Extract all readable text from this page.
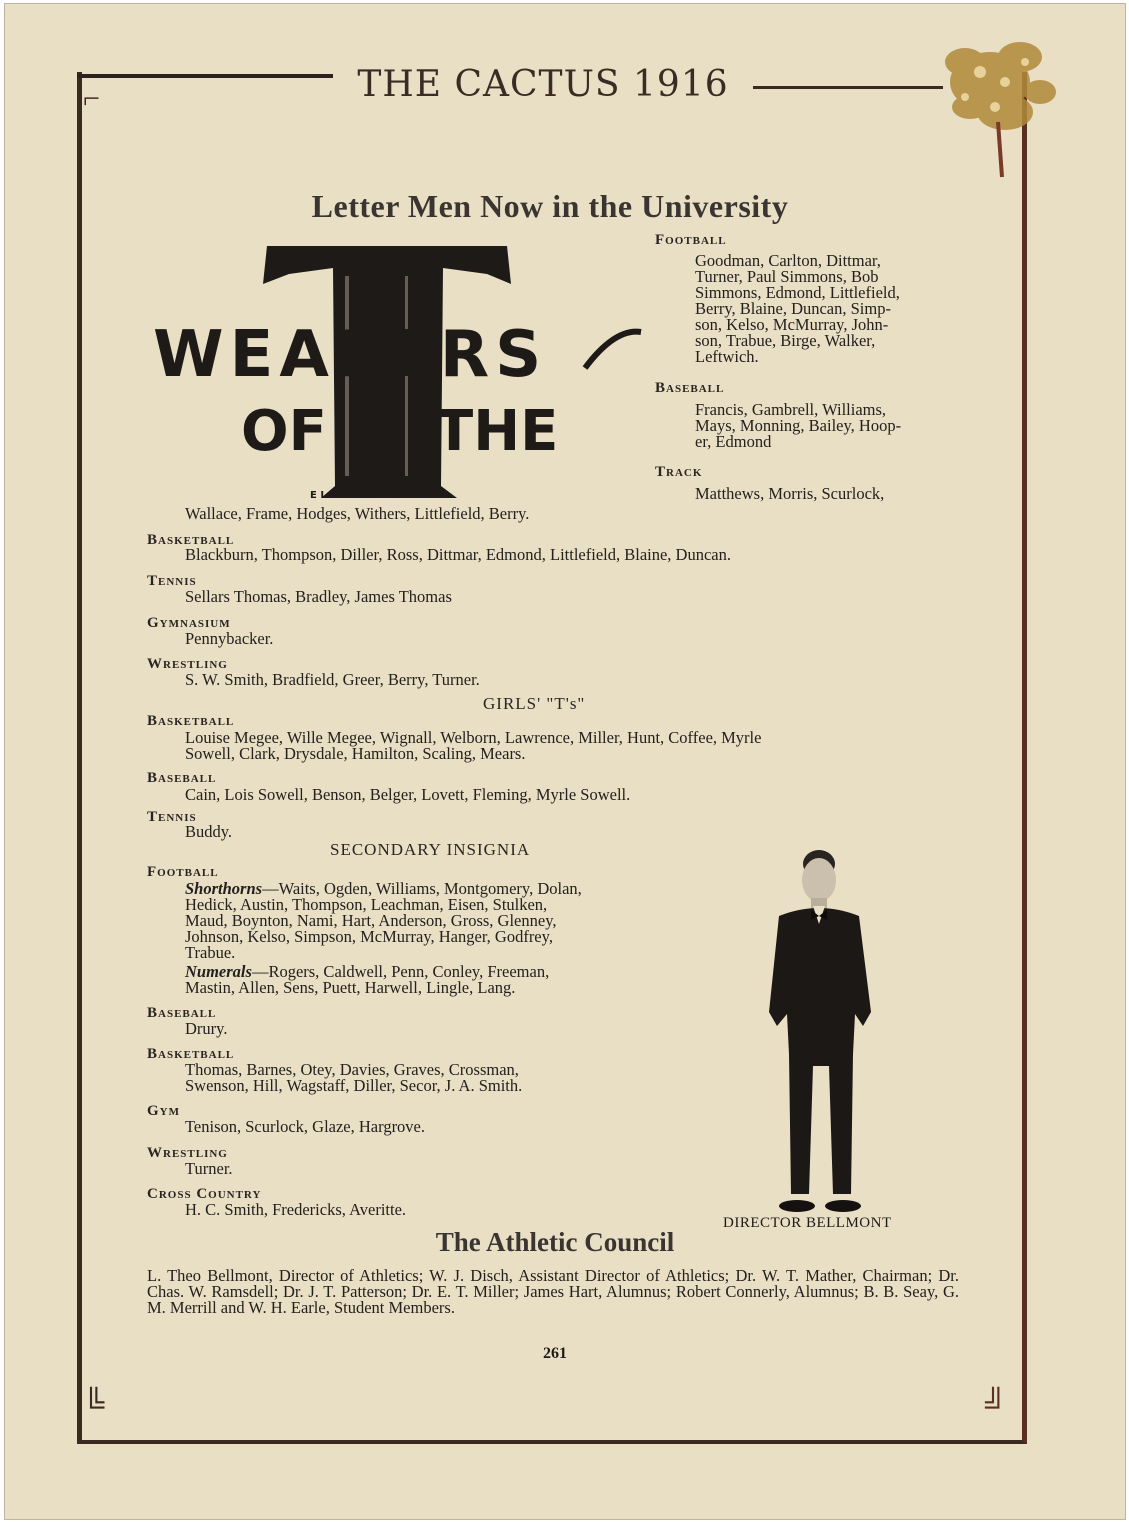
⌐
╚	╝
THE CACTUS 1916
Letter Men Now in the University
WEARERS
OF THE
E L F E N B E I N
Football
Goodman, Carlton, Dittmar,
Turner, Paul Simmons, Bob
Simmons, Edmond, Littlefield,
Berry, Blaine, Duncan, Simp-
son, Kelso, McMurray, John-
son, Trabue, Birge, Walker,
Leftwich.
Baseball
Francis, Gambrell, Williams,
Mays, Monning, Bailey, Hoop-
er, Edmond
Track
Matthews, Morris, Scurlock,
Wallace, Frame, Hodges, Withers, Littlefield, Berry.
Basketball
Blackburn, Thompson, Diller, Ross, Dittmar, Edmond, Littlefield, Blaine, Duncan.
Tennis
Sellars Thomas, Bradley, James Thomas
Gymnasium
Pennybacker.
Wrestling
S. W. Smith, Bradfield, Greer, Berry, Turner.
GIRLS' "T's"
Basketball
Louise Megee, Wille Megee, Wignall, Welborn, Lawrence, Miller, Hunt, Coffee, Myrle
Sowell, Clark, Drysdale, Hamilton, Scaling, Mears.
Baseball
Cain, Lois Sowell, Benson, Belger, Lovett, Fleming, Myrle Sowell.
Tennis
Buddy.
SECONDARY INSIGNIA
Football
Shorthorns—Waits, Ogden, Williams, Montgomery, Dolan,
Hedick, Austin, Thompson, Leachman, Eisen, Stulken,
Maud, Boynton, Nami, Hart, Anderson, Gross, Glenney,
Johnson, Kelso, Simpson, McMurray, Hanger, Godfrey,
Trabue.
Numerals—Rogers, Caldwell, Penn, Conley, Freeman,
Mastin, Allen, Sens, Puett, Harwell, Lingle, Lang.
Baseball
Drury.
Basketball
Thomas, Barnes, Otey, Davies, Graves, Crossman,
Swenson, Hill, Wagstaff, Diller, Secor, J. A. Smith.
Gym
Tenison, Scurlock, Glaze, Hargrove.
Wrestling
Turner.
Cross Country
H. C. Smith, Fredericks, Averitte.
DIRECTOR BELLMONT
The Athletic Council
L. Theo Bellmont, Director of Athletics; W. J. Disch, Assistant Director of Athletics; Dr. W. T. Mather, Chairman; Dr. Chas. W. Ramsdell; Dr. J. T. Patterson; Dr. E. T. Miller; James Hart, Alumnus; Robert Connerly, Alumnus; B. B. Seay, G. M. Merrill and W. H. Earle, Student Members.
261
